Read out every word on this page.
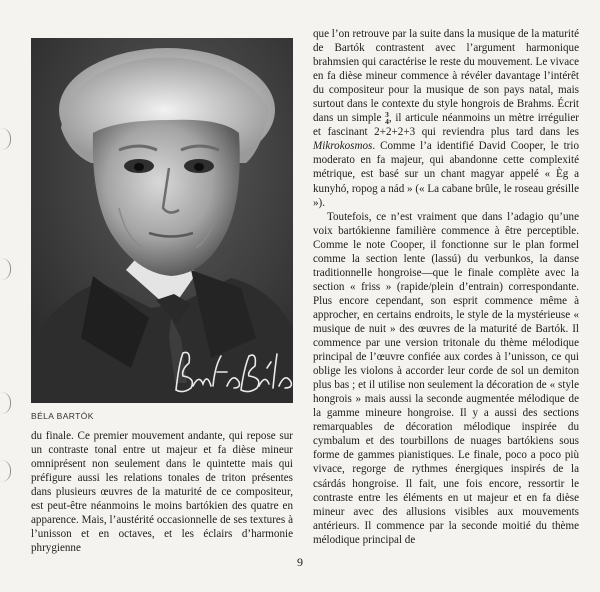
BÉLA BARTÓK

du finale. Ce premier mouvement andante, qui repose sur un contraste tonal entre ut majeur et fa dièse mineur omniprésent non seulement dans le quintette mais qui préfigure aussi les relations tonales de triton présentes dans plusieurs œuvres de la maturité de ce compositeur, est peut-être néanmoins le moins bartókien des quatre en apparence. Mais, l’austérité occasionnelle de ses textures à l’unisson et en octaves, et les éclairs d’harmonie phrygienne

que l’on retrouve par la suite dans la musique de la maturité de Bartók contrastent avec l’argument harmonique brahmsien qui caractérise le reste du mouvement. Le vivace en fa dièse mineur commence à révéler davantage l’intérêt du compositeur pour la musique de son pays natal, mais surtout dans le contexte du style hongrois de Brahms. Écrit dans un simple 3
4, il articule néanmoins un mètre irrégulier et fascinant 2+2+2+3 qui reviendra plus tard dans les Mikrokosmos. Comme l’a identifié David Cooper, le trio moderato en fa majeur, qui abandonne cette complexité métrique, est basé sur un chant magyar appelé « Èg a kunyhó, ropog a nád » (« La cabane brûle, le roseau grésille »).

Toutefois, ce n’est vraiment que dans l’adagio qu’une voix bartókienne familière commence à être perceptible. Comme le note Cooper, il fonctionne sur le plan formel comme la section lente (lassú) du verbunkos, la danse traditionnelle hongroise—que le finale complète avec la section « friss » (rapide/plein d’entrain) correspondante. Plus encore cependant, son esprit commence même à approcher, en certains endroits, le style de la mystérieuse « musique de nuit » des œuvres de la maturité de Bartók. Il commence par une version tritonale du thème mélodique principal de l’œuvre confiée aux cordes à l’unisson, ce qui oblige les violons à accorder leur corde de sol un demiton plus bas ; et il utilise non seulement la décoration de « style hongrois » mais aussi la seconde augmentée mélodique de la gamme mineure hongroise. Il y a aussi des sections remarquables de décoration mélodique inspirée du cymbalum et des tourbillons de nuages bartókiens sous forme de gammes pianistiques. Le finale, poco a poco più vivace, regorge de rythmes énergiques inspirés de la csárdás hongroise. Il fait, une fois encore, ressortir le contraste entre les éléments en ut majeur et en fa dièse mineur avec des allusions visibles aux mouvements antérieurs. Il commence par la seconde moitié du thème mélodique principal de

9
